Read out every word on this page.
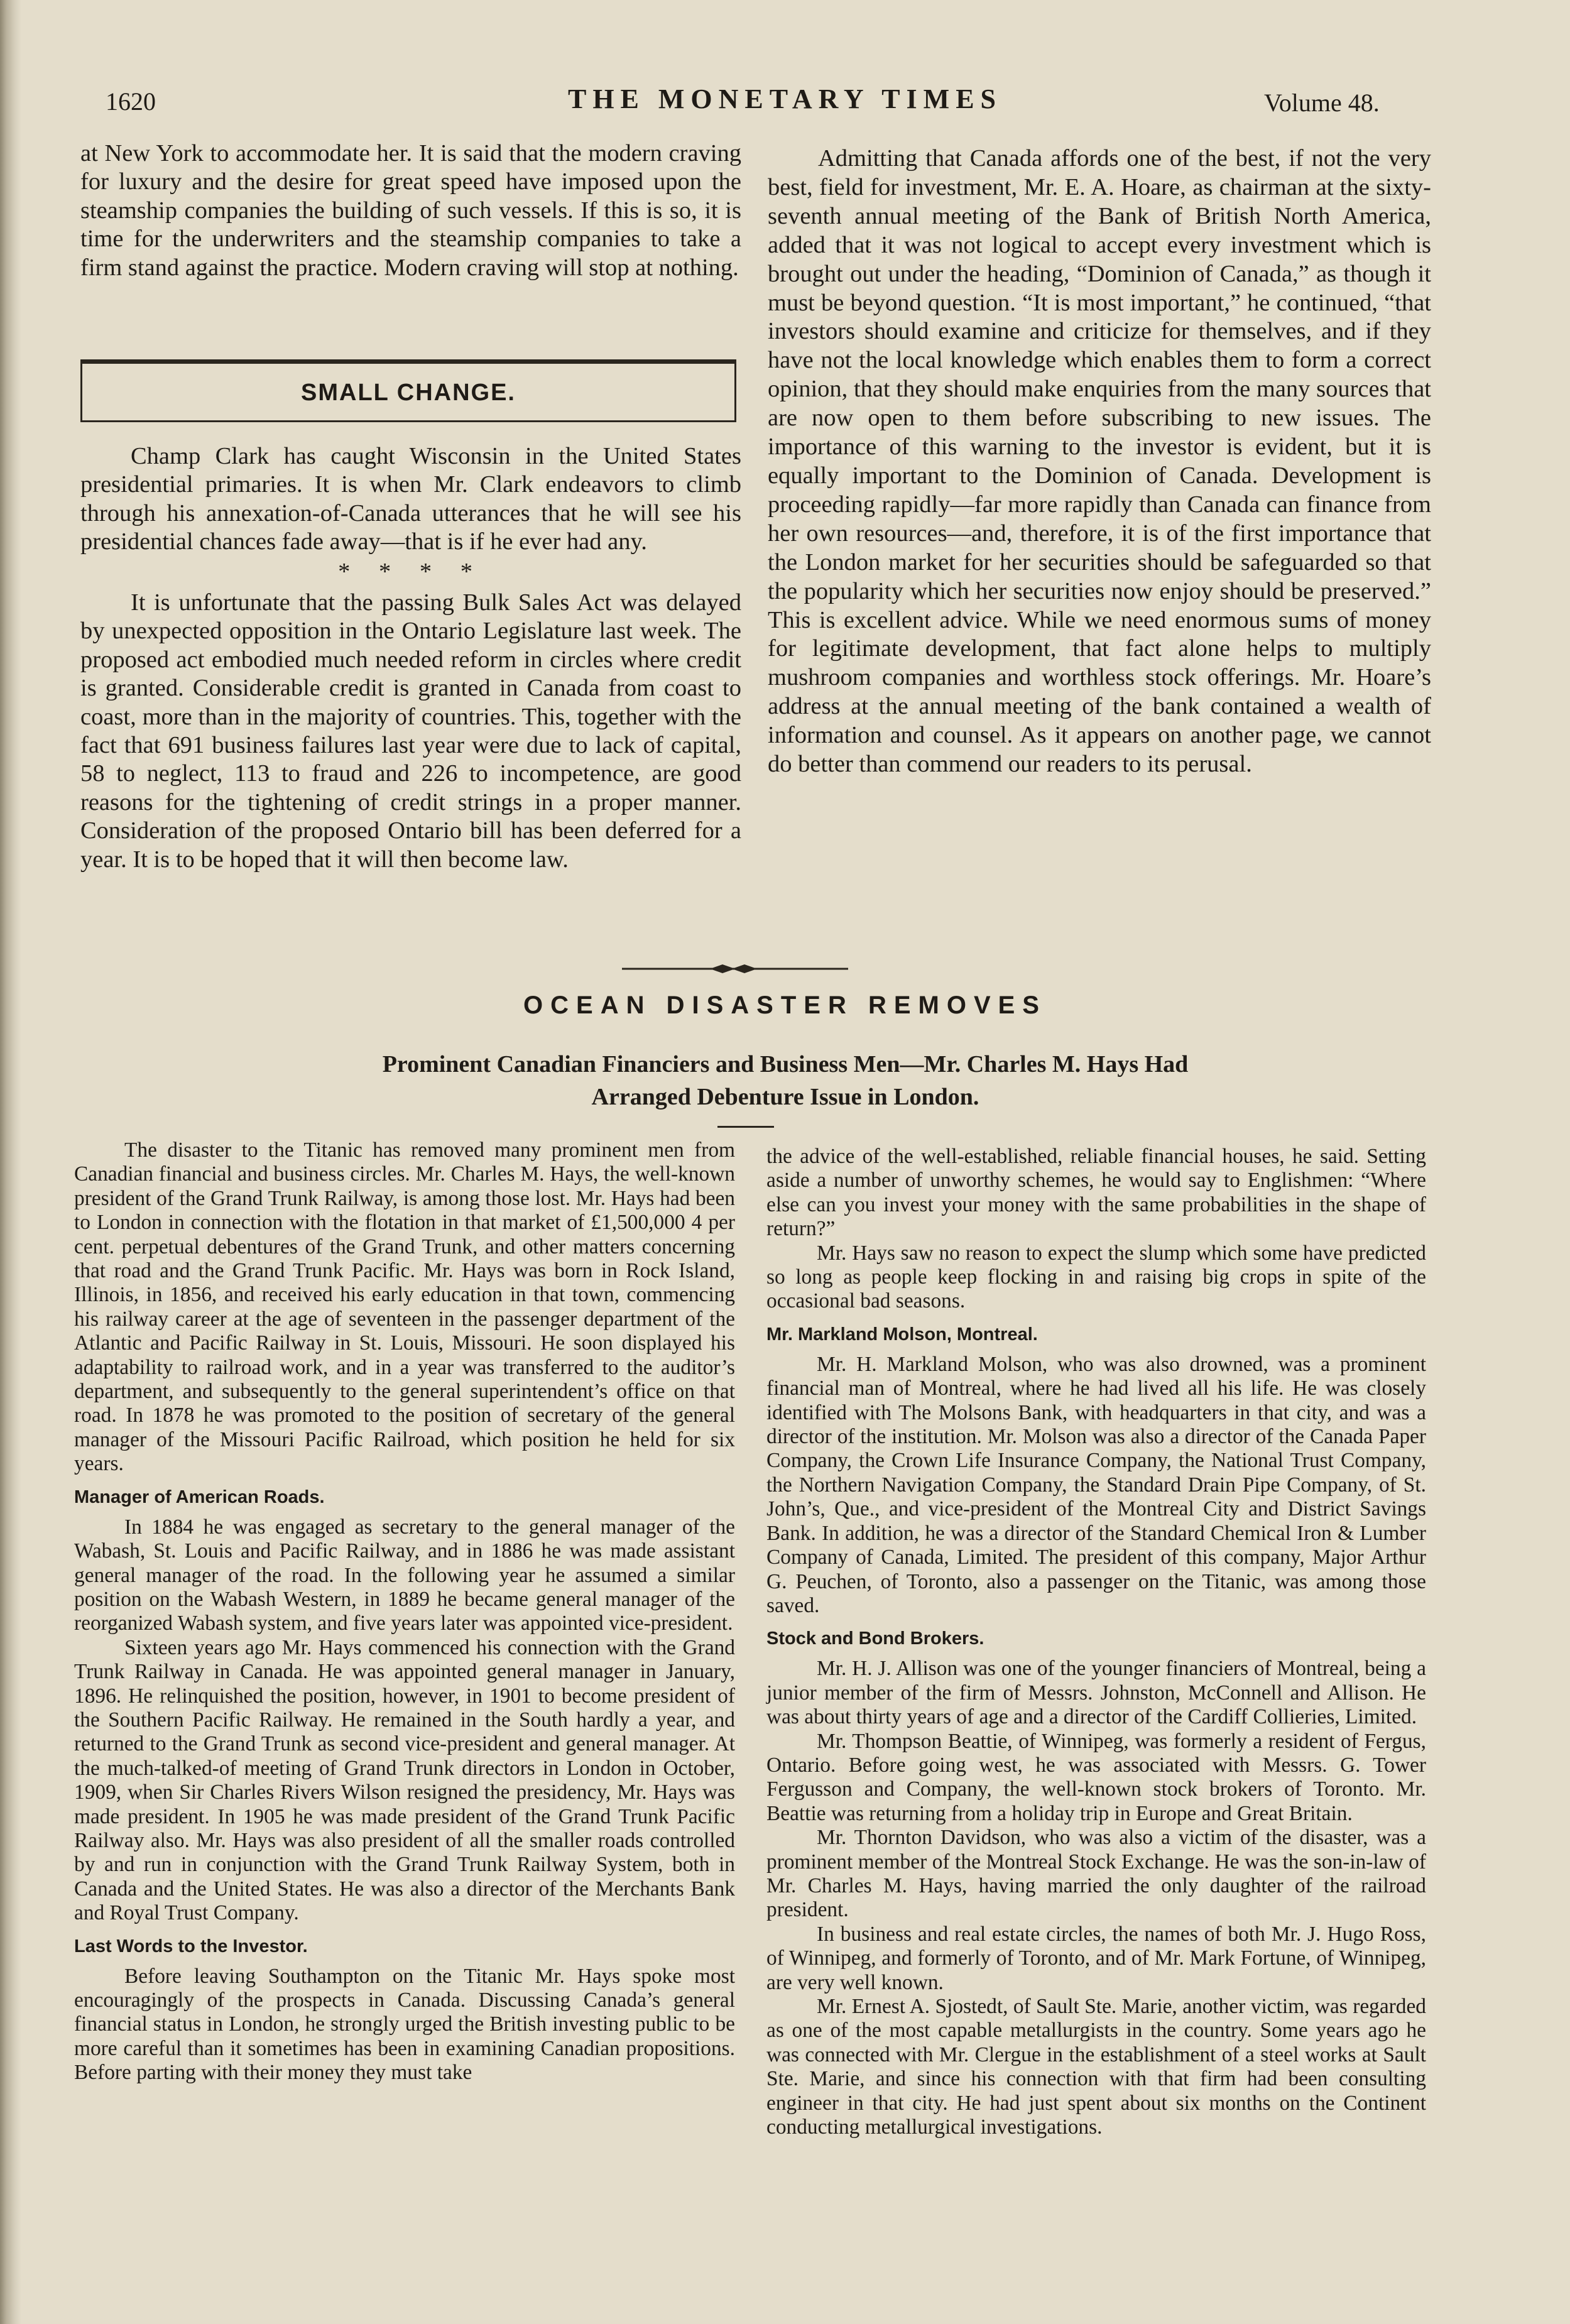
1620	THE MONETARY TIMES	Volume 48.

at New York to accommodate her. It is said that the modern craving for luxury and the desire for great speed have imposed upon the steamship companies the building of such vessels. If this is so, it is time for the underwriters and the steamship companies to take a firm stand against the practice. Modern craving will stop at nothing.

SMALL CHANGE.

Champ Clark has caught Wisconsin in the United States presidential primaries. It is when Mr. Clark endeavors to climb through his annexation-of-Canada utterances that he will see his presidential chances fade away—that is if he ever had any.

* * * *

It is unfortunate that the passing Bulk Sales Act was delayed by unexpected opposition in the Ontario Legislature last week. The proposed act embodied much needed reform in circles where credit is granted. Considerable credit is granted in Canada from coast to coast, more than in the majority of countries. This, together with the fact that 691 business failures last year were due to lack of capital, 58 to neglect, 113 to fraud and 226 to incompetence, are good reasons for the tightening of credit strings in a proper manner. Consideration of the proposed Ontario bill has been deferred for a year. It is to be hoped that it will then become law.

Admitting that Canada affords one of the best, if not the very best, field for investment, Mr. E. A. Hoare, as chairman at the sixty-seventh annual meeting of the Bank of British North America, added that it was not logical to accept every investment which is brought out under the heading, “Dominion of Canada,” as though it must be beyond question. “It is most important,” he continued, “that investors should examine and criticize for themselves, and if they have not the local knowledge which enables them to form a correct opinion, that they should make enquiries from the many sources that are now open to them before subscribing to new issues. The importance of this warning to the investor is evident, but it is equally important to the Dominion of Canada. Development is proceeding rapidly—far more rapidly than Canada can finance from her own resources—and, therefore, it is of the first importance that the London market for her securities should be safeguarded so that the popularity which her securities now enjoy should be preserved.” This is excellent advice. While we need enormous sums of money for legitimate development, that fact alone helps to multiply mushroom companies and worthless stock offerings. Mr. Hoare’s address at the annual meeting of the bank contained a wealth of information and counsel. As it appears on another page, we cannot do better than commend our readers to its perusal.

OCEAN DISASTER REMOVES
Prominent Canadian Financiers and Business Men—Mr. Charles M. Hays Had
Arranged Debenture Issue in London.

The disaster to the Titanic has removed many prominent men from Canadian financial and business circles. Mr. Charles M. Hays, the well-known president of the Grand Trunk Railway, is among those lost. Mr. Hays had been to London in connection with the flotation in that market of £1,500,000 4 per cent. perpetual debentures of the Grand Trunk, and other matters concerning that road and the Grand Trunk Pacific. Mr. Hays was born in Rock Island, Illinois, in 1856, and received his early education in that town, commencing his railway career at the age of seventeen in the passenger department of the Atlantic and Pacific Railway in St. Louis, Missouri. He soon displayed his adaptability to railroad work, and in a year was transferred to the auditor’s department, and subsequently to the general superintendent’s office on that road. In 1878 he was promoted to the position of secretary of the general manager of the Missouri Pacific Railroad, which position he held for six years.

Manager of American Roads.

In 1884 he was engaged as secretary to the general manager of the Wabash, St. Louis and Pacific Railway, and in 1886 he was made assistant general manager of the road. In the following year he assumed a similar position on the Wabash Western, in 1889 he became general manager of the reorganized Wabash system, and five years later was appointed vice-president.

Sixteen years ago Mr. Hays commenced his connection with the Grand Trunk Railway in Canada. He was appointed general manager in January, 1896. He relinquished the position, however, in 1901 to become president of the Southern Pacific Railway. He remained in the South hardly a year, and returned to the Grand Trunk as second vice-president and general manager. At the much-talked-of meeting of Grand Trunk directors in London in October, 1909, when Sir Charles Rivers Wilson resigned the presidency, Mr. Hays was made president. In 1905 he was made president of the Grand Trunk Pacific Railway also. Mr. Hays was also president of all the smaller roads controlled by and run in conjunction with the Grand Trunk Railway System, both in Canada and the United States. He was also a director of the Merchants Bank and Royal Trust Company.

Last Words to the Investor.

Before leaving Southampton on the Titanic Mr. Hays spoke most encouragingly of the prospects in Canada. Discussing Canada’s general financial status in London, he strongly urged the British investing public to be more careful than it sometimes has been in examining Canadian propositions. Before parting with their money they must take

the advice of the well-established, reliable financial houses, he said. Setting aside a number of unworthy schemes, he would say to Englishmen: “Where else can you invest your money with the same probabilities in the shape of return?”

Mr. Hays saw no reason to expect the slump which some have predicted so long as people keep flocking in and raising big crops in spite of the occasional bad seasons.

Mr. Markland Molson, Montreal.

Mr. H. Markland Molson, who was also drowned, was a prominent financial man of Montreal, where he had lived all his life. He was closely identified with The Molsons Bank, with headquarters in that city, and was a director of the institution. Mr. Molson was also a director of the Canada Paper Company, the Crown Life Insurance Company, the National Trust Company, the Northern Navigation Company, the Standard Drain Pipe Company, of St. John’s, Que., and vice-president of the Montreal City and District Savings Bank. In addition, he was a director of the Standard Chemical Iron & Lumber Company of Canada, Limited. The president of this company, Major Arthur G. Peuchen, of Toronto, also a passenger on the Titanic, was among those saved.

Stock and Bond Brokers.

Mr. H. J. Allison was one of the younger financiers of Montreal, being a junior member of the firm of Messrs. Johnston, McConnell and Allison. He was about thirty years of age and a director of the Cardiff Collieries, Limited.

Mr. Thompson Beattie, of Winnipeg, was formerly a resident of Fergus, Ontario. Before going west, he was associated with Messrs. G. Tower Fergusson and Company, the well-known stock brokers of Toronto. Mr. Beattie was returning from a holiday trip in Europe and Great Britain.

Mr. Thornton Davidson, who was also a victim of the disaster, was a prominent member of the Montreal Stock Exchange. He was the son-in-law of Mr. Charles M. Hays, having married the only daughter of the railroad president.

In business and real estate circles, the names of both Mr. J. Hugo Ross, of Winnipeg, and formerly of Toronto, and of Mr. Mark Fortune, of Winnipeg, are very well known.

Mr. Ernest A. Sjostedt, of Sault Ste. Marie, another victim, was regarded as one of the most capable metallurgists in the country. Some years ago he was connected with Mr. Clergue in the establishment of a steel works at Sault Ste. Marie, and since his connection with that firm had been consulting engineer in that city. He had just spent about six months on the Continent conducting metallurgical investigations.
